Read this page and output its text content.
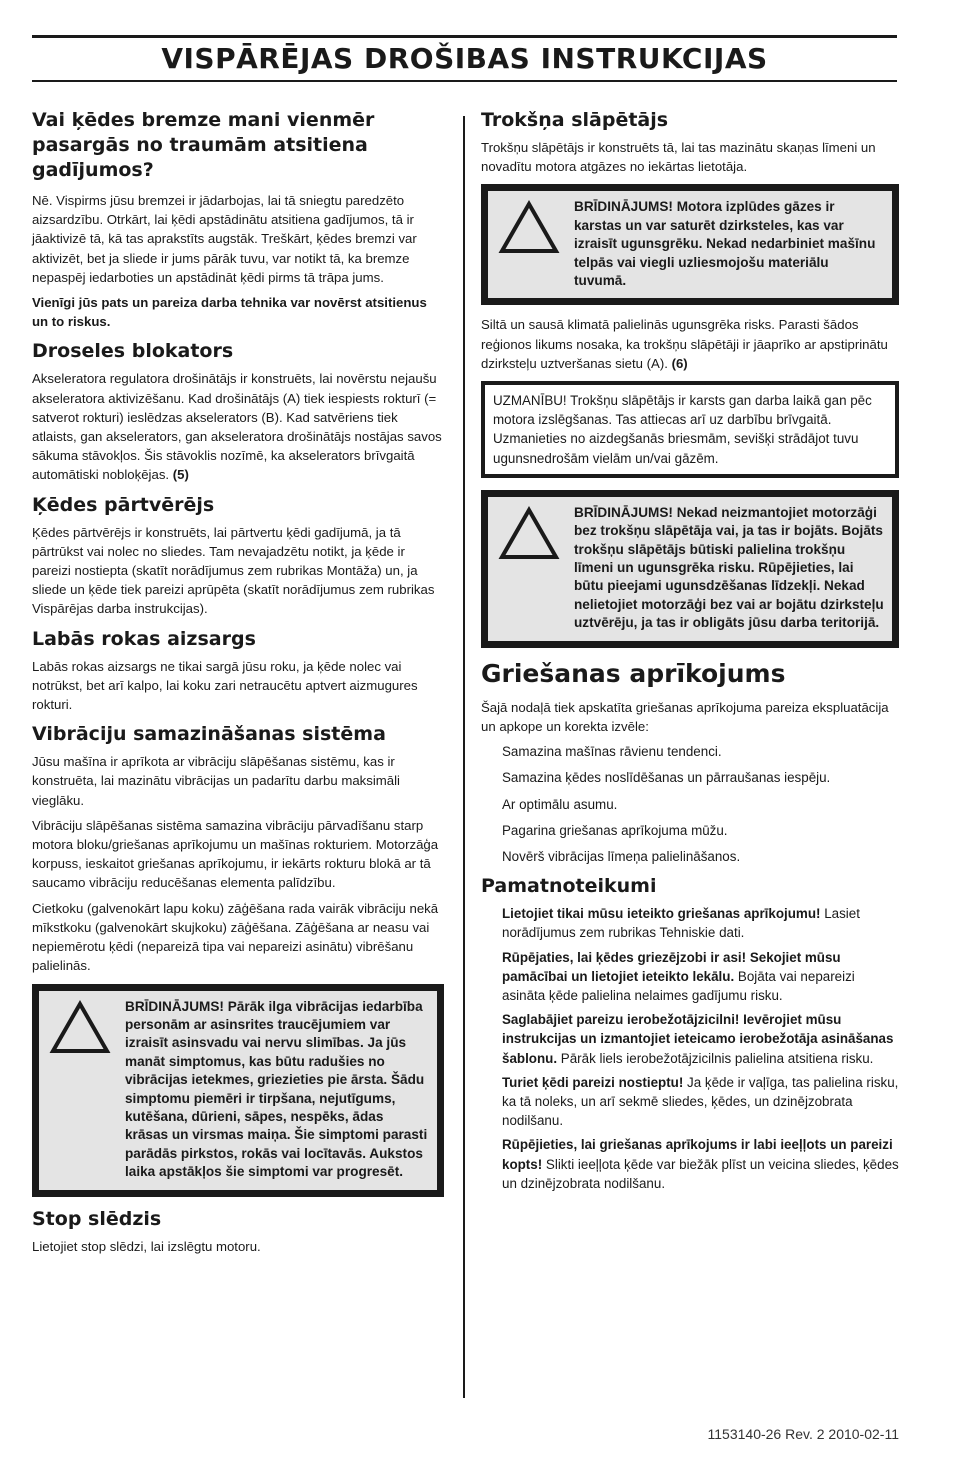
VISPĀRĒJAS DROŠIBAS INSTRUKCIJAS
Vai ķēdes bremze mani vienmēr pasargās no traumām atsitiena gadījumos?

Nē. Vispirms jūsu bremzei ir jādarbojas, lai tā sniegtu paredzēto aizsardzību. Otrkārt, lai ķēdi apstādinātu atsitiena gadījumos, tā ir jāaktivizē tā, kā tas aprakstīts augstāk. Treškārt, ķēdes bremzi var aktivizēt, bet ja sliede ir jums pārāk tuvu, var notikt tā, ka bremze nepaspēj iedarboties un apstādināt ķēdi pirms tā trāpa jums.

Vienīgi jūs pats un pareiza darba tehnika var novērst atsitienus un to riskus.

Droseles blokators

Akseleratora regulatora drošinātājs ir konstruēts, lai novērstu nejaušu akseleratora aktivizēšanu. Kad drošinātājs (A) tiek iespiests rokturī (= satverot rokturi) ieslēdzas akselerators (B). Kad satvēriens tiek atlaists, gan akselerators, gan akseleratora drošinātājs nostājas savos sākuma stāvokļos. Šis stāvoklis nozīmē, ka akselerators brīvgaitā automātiski nobloķējas. (5)

Ķēdes pārtvērējs

Ķēdes pārtvērējs ir konstruēts, lai pārtvertu ķēdi gadījumā, ja tā pārtrūkst vai nolec no sliedes. Tam nevajadzētu notikt, ja ķēde ir pareizi nostiepta (skatīt norādījumus zem rubrikas Montāža) un, ja sliede un ķēde tiek pareizi aprūpēta (skatīt norādījumus zem rubrikas Vispārējas darba instrukcijas).

Labās rokas aizsargs

Labās rokas aizsargs ne tikai sargā jūsu roku, ja ķēde nolec vai notrūkst, bet arī kalpo, lai koku zari netraucētu aptvert aizmugures rokturi.

Vibrāciju samazināšanas sistēma

Jūsu mašīna ir aprīkota ar vibrāciju slāpēšanas sistēmu, kas ir konstruēta, lai mazinātu vibrācijas un padarītu darbu maksimāli vieglāku.

Vibrāciju slāpēšanas sistēma samazina vibrāciju pārvadīšanu starp motora bloku/griešanas aprīkojumu un mašīnas rokturiem. Motorzāģa korpuss, ieskaitot griešanas aprīkojumu, ir iekārts rokturu blokā ar tā saucamo vibrāciju reducēšanas elementa palīdzību.

Cietkoku (galvenokārt lapu koku) zāģēšana rada vairāk vibrāciju nekā mīkstkoku (galvenokārt skujkoku) zāģēšana. Zāģēšana ar neasu vai nepiemērotu ķēdi (nepareizā tipa vai nepareizi asinātu) vibrēšanu palielinās.

BRĪDINĀJUMS! Pārāk ilga vibrācijas iedarbība personām ar asinsrites traucējumiem var izraisīt asinsvadu vai nervu slimības. Ja jūs manāt simptomus, kas būtu radušies no vibrācijas ietekmes, griezieties pie ārsta. Šādu simptomu piemēri ir tirpšana, nejutīgums, kutēšana, dūrieni, sāpes, nespēks, ādas krāsas un virsmas maiņa. Šie simptomi parasti parādās pirkstos, rokās vai locītavās. Aukstos laika apstākļos šie simptomi var progresēt.
Stop slēdzis

Lietojiet stop slēdzi, lai izslēgtu motoru.

Trokšņa slāpētājs

Trokšņu slāpētājs ir konstruēts tā, lai tas mazinātu skaņas līmeni un novadītu motora atgāzes no iekārtas lietotāja.

BRĪDINĀJUMS! Motora izplūdes gāzes ir karstas un var saturēt dzirksteles, kas var izraisīt ugunsgrēku. Nekad nedarbiniet mašīnu telpās vai viegli uzliesmojošu materiālu tuvumā.

Siltā un sausā klimatā palielinās ugunsgrēka risks. Parasti šādos reģionos likums nosaka, ka trokšņu slāpētāji ir jāaprīko ar apstiprinātu dzirksteļu uztveršanas sietu (A). (6)

UZMANĪBU! Trokšņu slāpētājs ir karsts gan darba laikā gan pēc motora izslēgšanas. Tas attiecas arī uz darbību brīvgaitā. Uzmanieties no aizdegšanās briesmām, sevišķi strādājot tuvu ugunsnedrošām vielām un/vai gāzēm.
BRĪDINĀJUMS! Nekad neizmantojiet motorzāģi bez trokšņu slāpētāja vai, ja tas ir bojāts. Bojāts trokšņu slāpētājs būtiski palielina trokšņu līmeni un ugunsgrēka risku. Rūpējieties, lai būtu pieejami ugunsdzēšanas līdzekļi. Nekad nelietojiet motorzāģi bez vai ar bojātu dzirksteļu uztvērēju, ja tas ir obligāts jūsu darba teritorijā.
Griešanas aprīkojums

Šajā nodaļā tiek apskatīta griešanas aprīkojuma pareiza ekspluatācija un apkope un korekta izvēle:

Samazina mašīnas rāvienu tendenci.
Samazina ķēdes noslīdēšanas un pārraušanas iespēju.
Ar optimālu asumu.
Pagarina griešanas aprīkojuma mūžu.
Novērš vibrācijas līmeņa palielināšanos.
Pamatnoteikumi
Lietojiet tikai mūsu ieteikto griešanas aprīkojumu! Lasiet norādījumus zem rubrikas Tehniskie dati.
Rūpējaties, lai ķēdes griezējzobi ir asi! Sekojiet mūsu pamācībai un lietojiet ieteikto lekālu. Bojāta vai nepareizi asināta ķēde palielina nelaimes gadījumu risku.
Saglabājiet pareizu ierobežotājzicilni! Ievērojiet mūsu instrukcijas un izmantojiet ieteicamo ierobežotāja asināšanas šablonu. Pārāk liels ierobežotājzicilnis palielina atsitiena risku.
Turiet ķēdi pareizi nostieptu! Ja ķēde ir vaļīga, tas palielina risku, ka tā noleks, un arī sekmē sliedes, ķēdes, un dzinējzobrata nodilšanu.
Rūpējieties, lai griešanas aprīkojums ir labi ieeļļots un pareizi kopts! Slikti ieeļļota ķēde var biežāk plīst un veicina sliedes, ķēdes un dzinējzobrata nodilšanu.
1153140-26 Rev. 2 2010-02-11
